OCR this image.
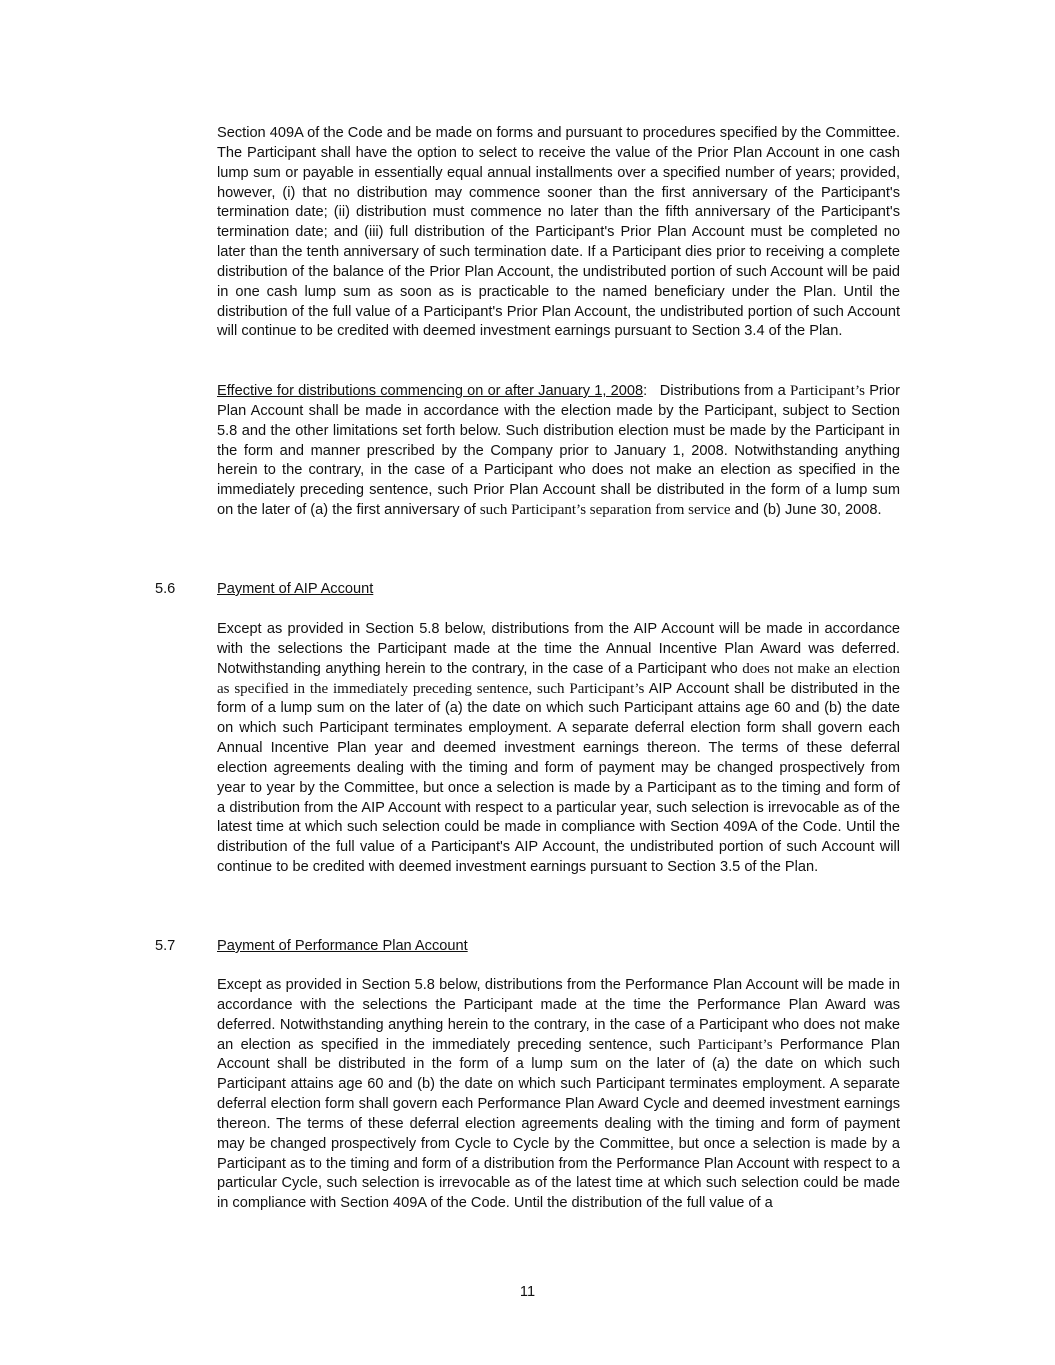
Section 409A of the Code and be made on forms and pursuant to procedures specified by the Committee. The Participant shall have the option to select to receive the value of the Prior Plan Account in one cash lump sum or payable in essentially equal annual installments over a specified number of years; provided, however, (i) that no distribution may commence sooner than the first anniversary of the Participant's termination date; (ii) distribution must commence no later than the fifth anniversary of the Participant's termination date; and (iii) full distribution of the Participant's Prior Plan Account must be completed no later than the tenth anniversary of such termination date. If a Participant dies prior to receiving a complete distribution of the balance of the Prior Plan Account, the undistributed portion of such Account will be paid in one cash lump sum as soon as is practicable to the named beneficiary under the Plan. Until the distribution of the full value of a Participant's Prior Plan Account, the undistributed portion of such Account will continue to be credited with deemed investment earnings pursuant to Section 3.4 of the Plan.

Effective for distributions commencing on or after January 1, 2008: Distributions from a Participant’s Prior Plan Account shall be made in accordance with the election made by the Participant, subject to Section 5.8 and the other limitations set forth below. Such distribution election must be made by the Participant in the form and manner prescribed by the Company prior to January 1, 2008. Notwithstanding anything herein to the contrary, in the case of a Participant who does not make an election as specified in the immediately preceding sentence, such Prior Plan Account shall be distributed in the form of a lump sum on the later of (a) the first anniversary of such Participant’s separation from service and (b) June 30, 2008.

5.6	Payment of AIP Account

Except as provided in Section 5.8 below, distributions from the AIP Account will be made in accordance with the selections the Participant made at the time the Annual Incentive Plan Award was deferred. Notwithstanding anything herein to the contrary, in the case of a Participant who does not make an election as specified in the immediately preceding sentence, such Participant’s AIP Account shall be distributed in the form of a lump sum on the later of (a) the date on which such Participant attains age 60 and (b) the date on which such Participant terminates employment. A separate deferral election form shall govern each Annual Incentive Plan year and deemed investment earnings thereon. The terms of these deferral election agreements dealing with the timing and form of payment may be changed prospectively from year to year by the Committee, but once a selection is made by a Participant as to the timing and form of a distribution from the AIP Account with respect to a particular year, such selection is irrevocable as of the latest time at which such selection could be made in compliance with Section 409A of the Code. Until the distribution of the full value of a Participant's AIP Account, the undistributed portion of such Account will continue to be credited with deemed investment earnings pursuant to Section 3.5 of the Plan.

5.7	Payment of Performance Plan Account

Except as provided in Section 5.8 below, distributions from the Performance Plan Account will be made in accordance with the selections the Participant made at the time the Performance Plan Award was deferred. Notwithstanding anything herein to the contrary, in the case of a Participant who does not make an election as specified in the immediately preceding sentence, such Participant’s Performance Plan Account shall be distributed in the form of a lump sum on the later of (a) the date on which such Participant attains age 60 and (b) the date on which such Participant terminates employment. A separate deferral election form shall govern each Performance Plan Award Cycle and deemed investment earnings thereon. The terms of these deferral election agreements dealing with the timing and form of payment may be changed prospectively from Cycle to Cycle by the Committee, but once a selection is made by a Participant as to the timing and form of a distribution from the Performance Plan Account with respect to a particular Cycle, such selection is irrevocable as of the latest time at which such selection could be made in compliance with Section 409A of the Code. Until the distribution of the full value of a

11
